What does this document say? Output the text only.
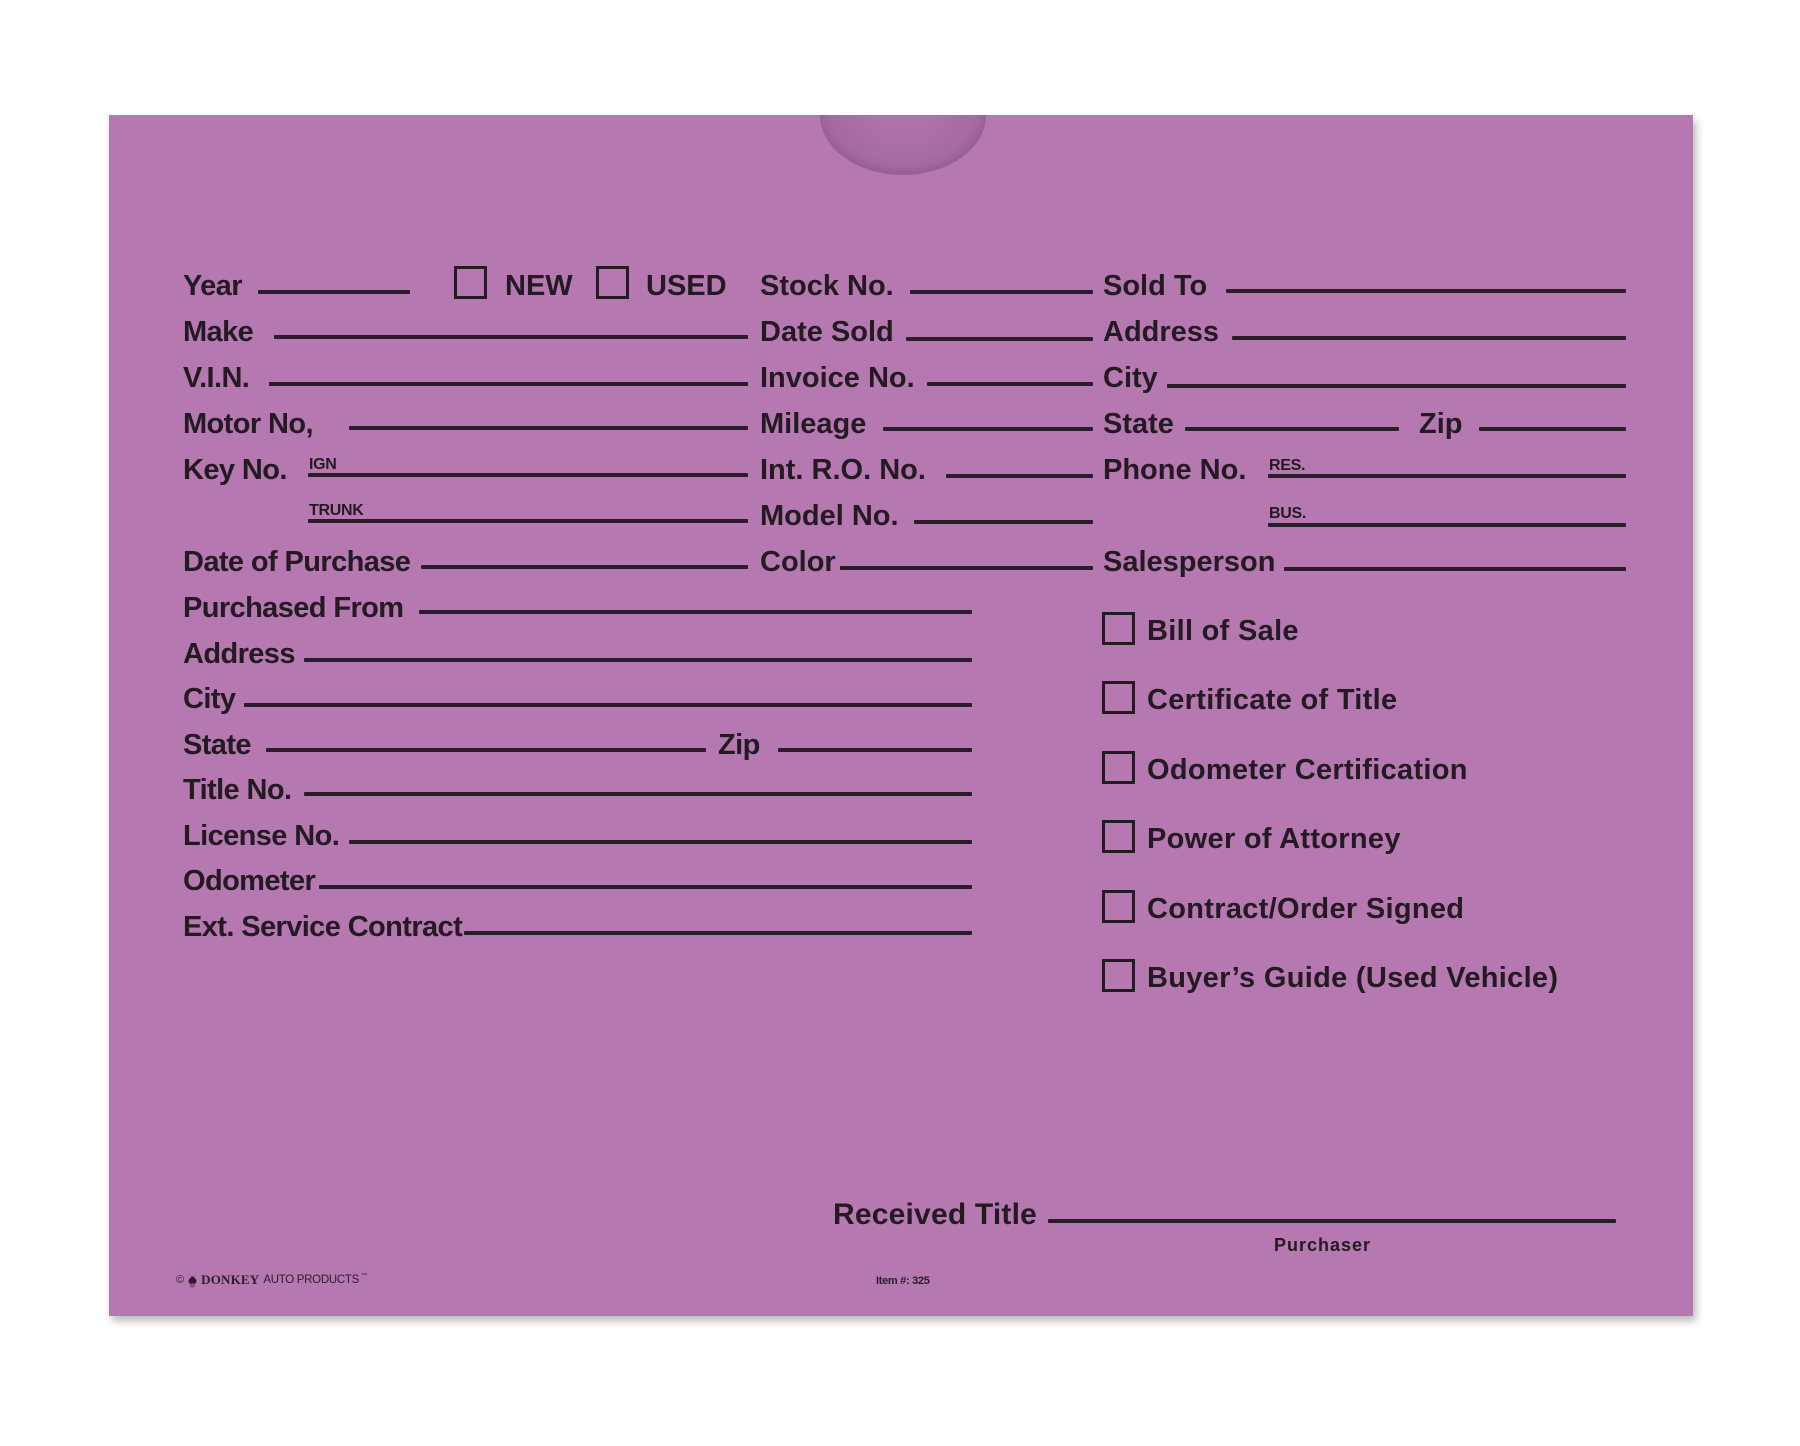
Year	NEW	USED
Make
V.I.N.
Motor No,
Key No. IGN
TRUNK
Date of Purchase
Stock No.
Date Sold
Invoice No.
Mileage
Int. R.O. No.
Model No.
Color
Sold To
Address
City
State	Zip
Phone No. RES.
BUS.
Salesperson
Purchased From
Address
City
State	Zip
Title No.
License No.
Odometer
Ext. Service Contract
Bill of Sale
Certificate of Title
Odometer Certification
Power of Attorney
Contract/Order Signed
Buyer’s Guide (Used Vehicle)
Received Title
Purchaser
© DONKEY AUTO PRODUCTS ™	Item #: 325
